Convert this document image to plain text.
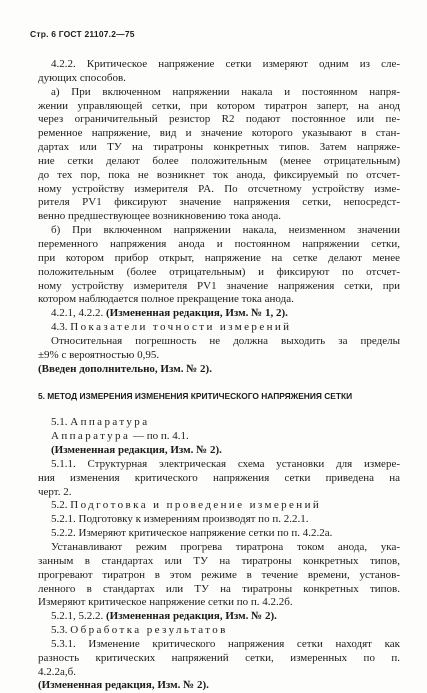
Стр. 6 ГОСТ 21107.2—75
4.2.2. Критическое напряжение сетки измеряют одним из сле-
дующих способов.
а) При включенном напряжении накала и постоянном напря-
жении управляющей сетки, при котором тиратрон заперт, на анод
через ограничительный резистор R2 подают постоянное или пе-
ременное напряжение, вид и значение которого указывают в стан-
дартах или ТУ на тиратроны конкретных типов. Затем напряже-
ние сетки делают более положительным (менее отрицательным)
до тех пор, пока не возникнет ток анода, фиксируемый по отсчет-
ному устройству измерителя PA. По отсчетному устройству изме-
рителя PV1 фиксируют значение напряжения сетки, непосредст-
венно предшествующее возникновению тока анода.
б) При включенном напряжении накала, неизменном значении
переменного напряжения анода и постоянном напряжении сетки,
при котором прибор открыт, напряжение на сетке делают менее
положительным (более отрицательным) и фиксируют по отсчет-
ному устройству измерителя PV1 значение напряжения сетки, при
котором наблюдается полное прекращение тока анода.
4.2.1, 4.2.2. (Измененная редакция, Изм. № 1, 2).
4.3. Показатели точности измерений
Относительная погрешность не должна выходить за пределы
±9% с вероятностью 0,95.
(Введен дополнительно, Изм. № 2).
5. МЕТОД ИЗМЕРЕНИЯ ИЗМЕНЕНИЯ КРИТИЧЕСКОГО НАПРЯЖЕНИЯ СЕТКИ
5.1. Аппаратура
Аппаратура — по п. 4.1.
(Измененная редакция, Изм. № 2).
5.1.1. Структурная электрическая схема установки для измере-
ния изменения критического напряжения сетки приведена на
черт. 2.
5.2. Подготовка и проведение измерений
5.2.1. Подготовку к измерениям производят по п. 2.2.1.
5.2.2. Измеряют критическое напряжение сетки по п. 4.2.2а.
Устанавливают режим прогрева тиратрона током анода, ука-
занным в стандартах или ТУ на тиратроны конкретных типов,
прогревают тиратрон в этом режиме в течение времени, установ-
ленного в стандартах или ТУ на тиратроны конкретных типов.
Измеряют критическое напряжение сетки по п. 4.2.2б.
5.2.1, 5.2.2. (Измененная редакция, Изм. № 2).
5.3. Обработка результатов
5.3.1. Изменение критического напряжения сетки находят как
разность критических напряжений сетки, измеренных по п.
4.2.2а,б.
(Измененная редакция, Изм. № 2).
